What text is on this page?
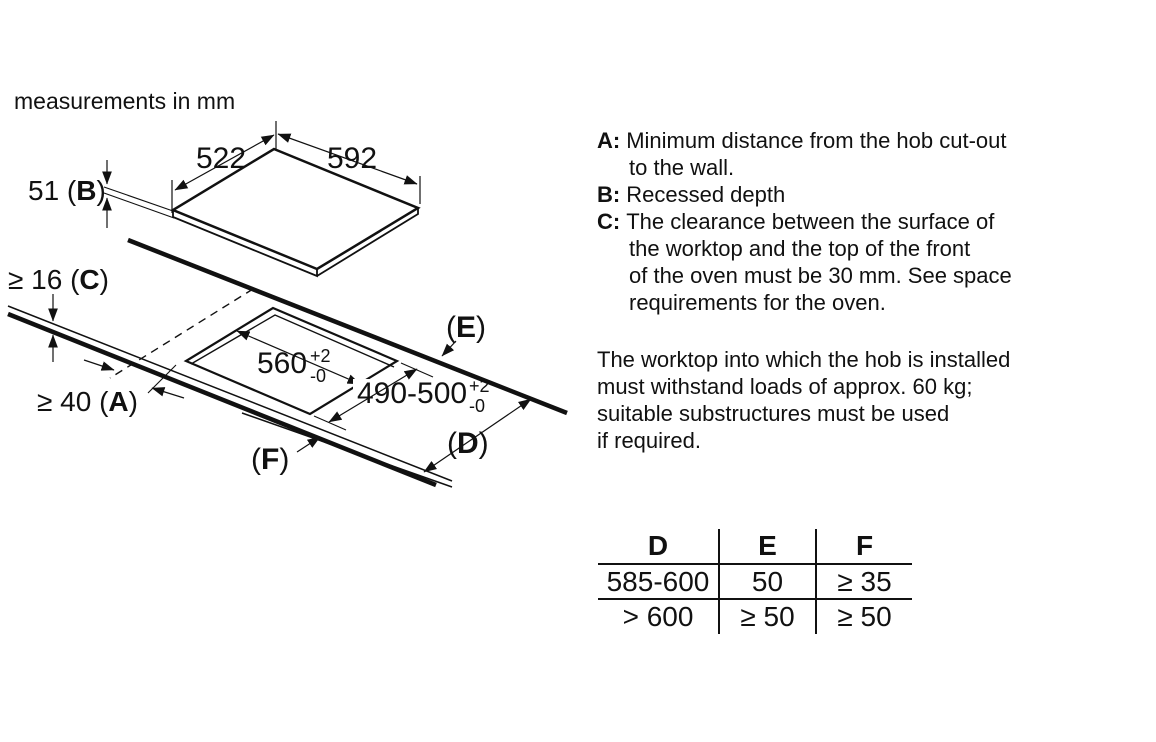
measurements in mm
522	592
51 (B)
≥ 16 (C)
≥ 40 (A)
560 +2
-0
490-500 +2
-0
(E)
(D)
(F)
A: Minimum distance from the hob cut-out
to the wall.
B: Recessed depth
C: The clearance between the surface of
the worktop and the top of the front
of the oven must be 30 mm. See space
requirements for the oven.
The worktop into which the hob is installed
must withstand loads of approx. 60 kg;
suitable substructures must be used
if required.
D	E	F
585-600	50	≥ 35
> 600	≥ 50	≥ 50
